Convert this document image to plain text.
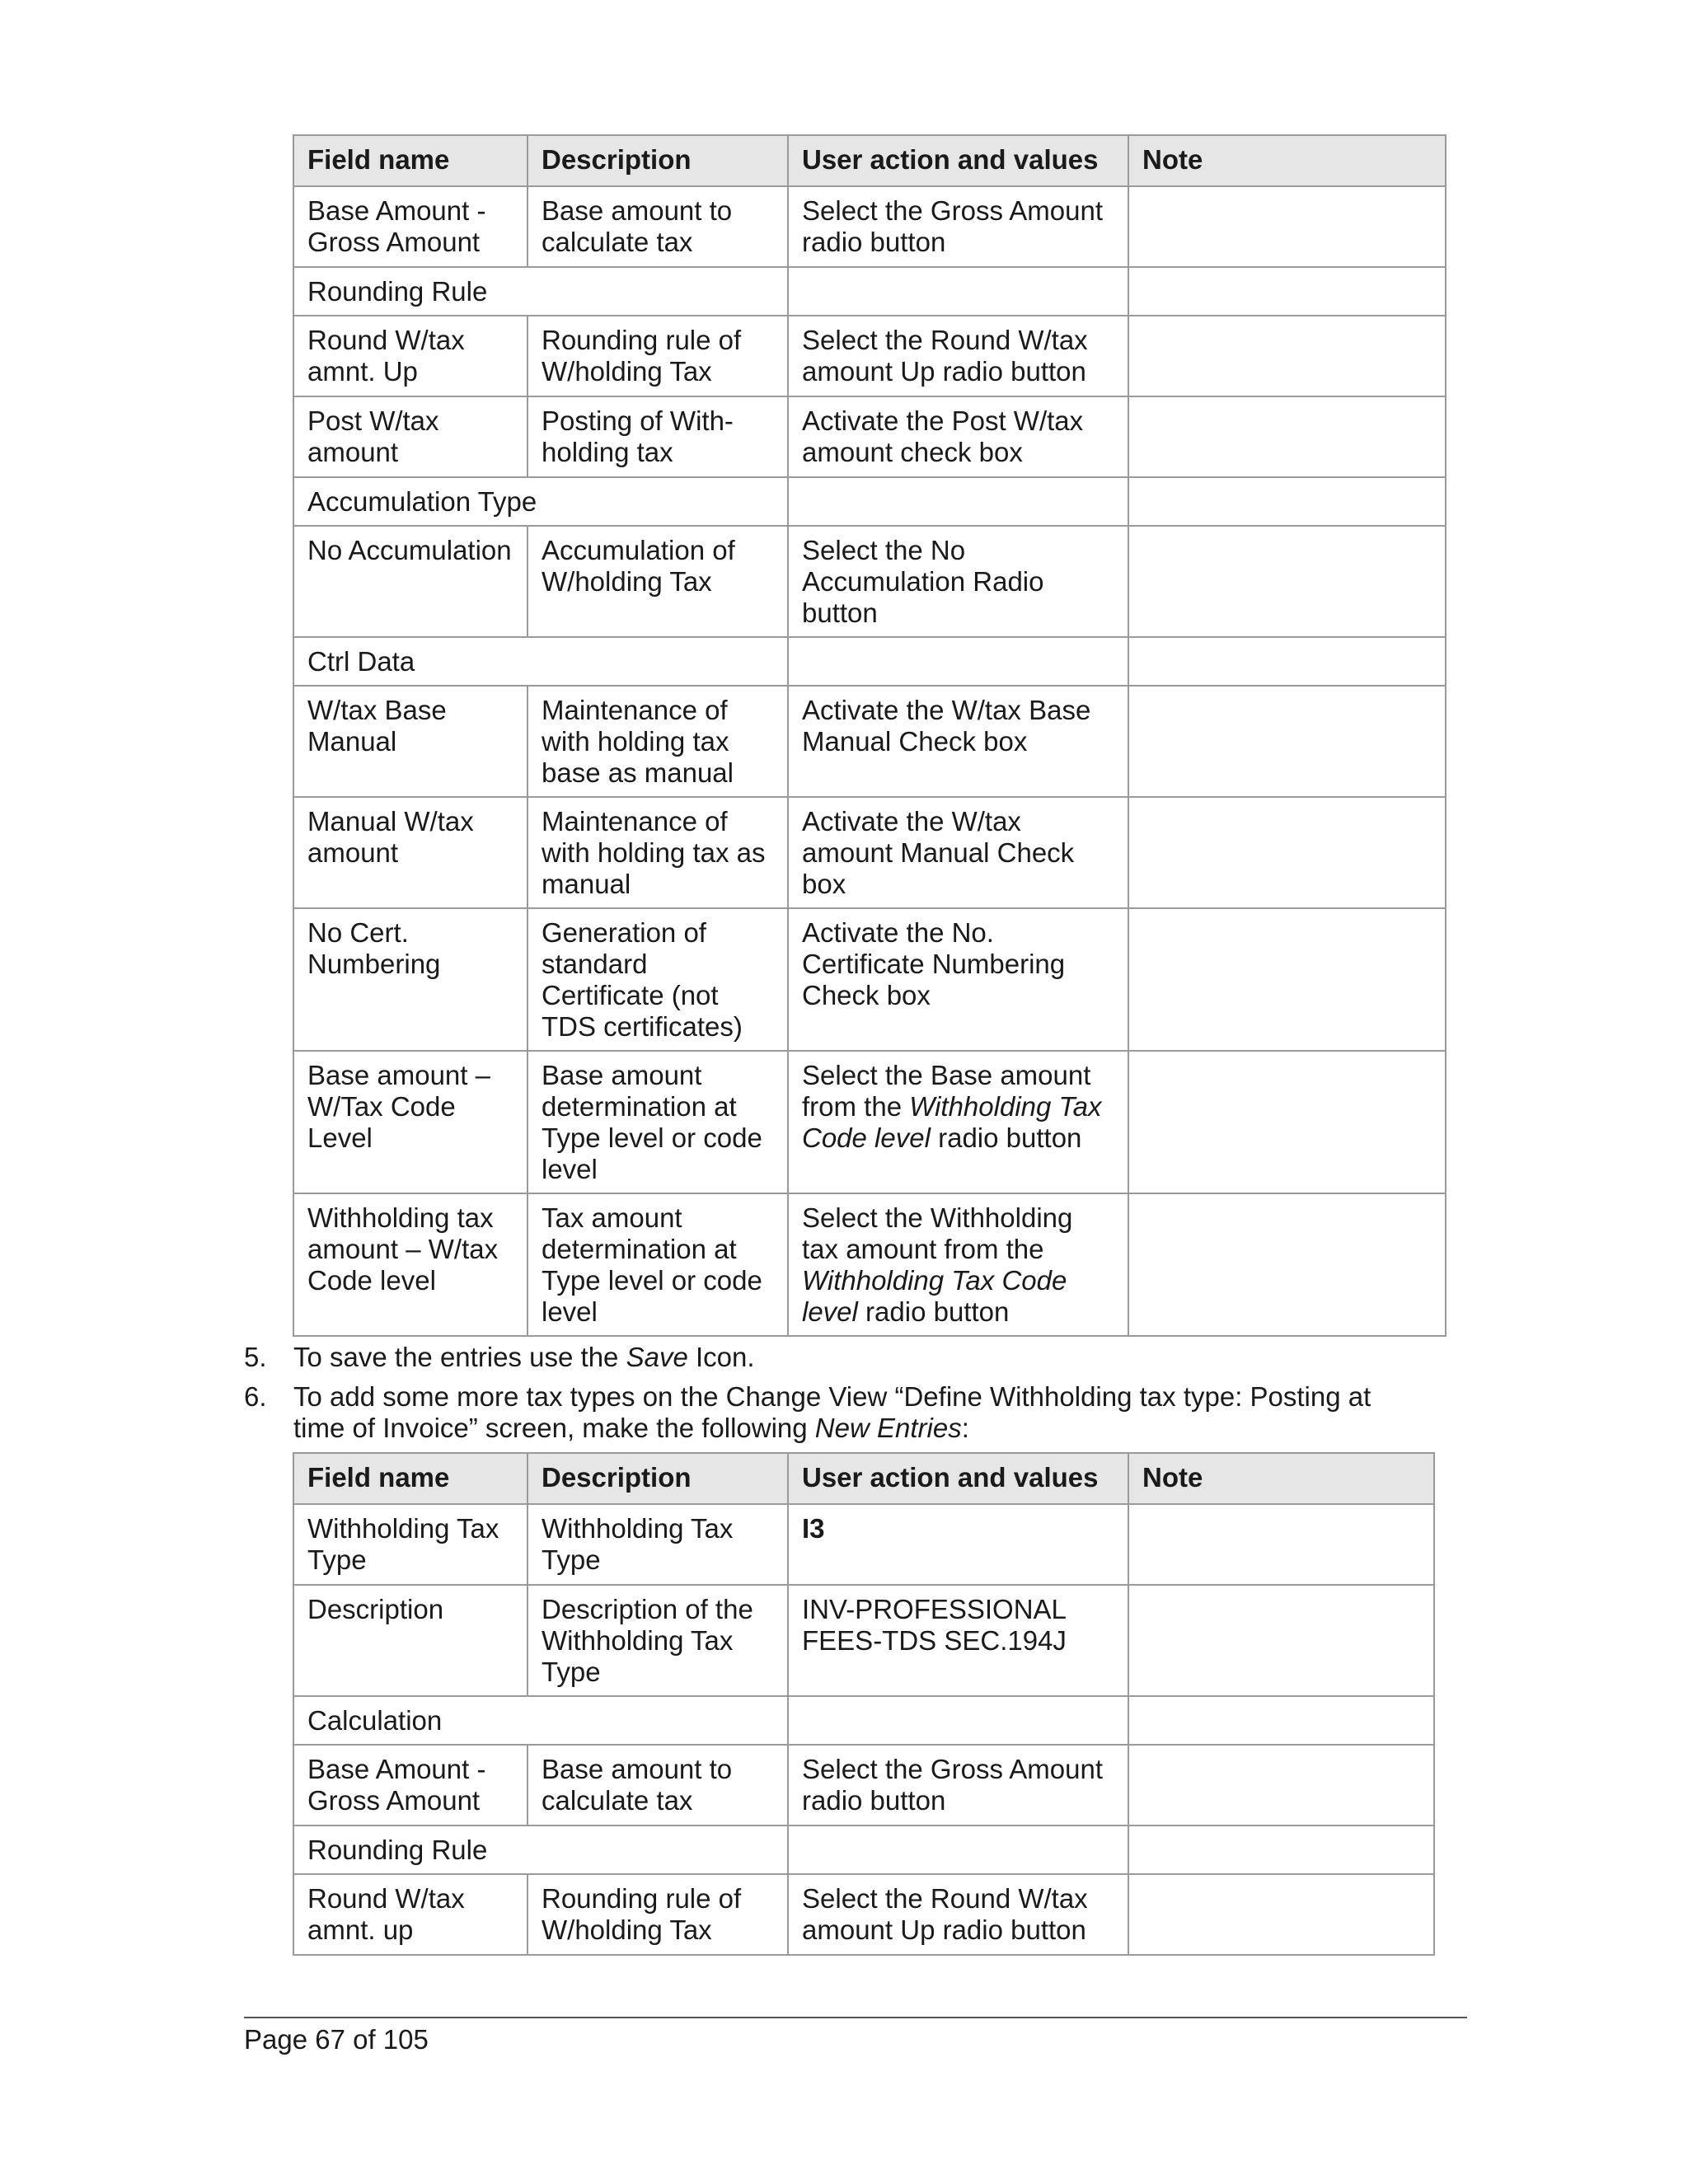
Field name	Description	User action and values	Note
Base Amount -Gross Amount	Base amount to calculate tax	Select the Gross Amount radio button	
Rounding Rule			
Round W/tax amnt. Up	Rounding rule of W/holding Tax	Select the Round W/tax amount Up radio button	
Post W/tax amount	Posting of With-holding tax	Activate the Post W/tax amount check box	
Accumulation Type			
No Accumulation	Accumulation of W/holding Tax	Select the No Accumulation Radio button	
Ctrl Data			
W/tax Base Manual	Maintenance of with holding tax base as manual	Activate the W/tax Base Manual Check box	
Manual W/tax amount	Maintenance of with holding tax as manual	Activate the W/tax amount Manual Check box	
No Cert. Numbering	Generation of standard Certificate (not TDS certificates)	Activate the No. Certificate Numbering Check box	
Base amount – W/Tax Code Level	Base amount determination at Type level or code level	Select the Base amount from the Withholding Tax Code level radio button	
Withholding tax amount – W/tax Code level	Tax amount determination at Type level or code level	Select the Withholding tax amount from the Withholding Tax Code level radio button	
5. To save the entries use the Save Icon.
6. To add some more tax types on the Change View “Define Withholding tax type: Posting at time of Invoice” screen, make the following New Entries:
Field name	Description	User action and values	Note
Withholding Tax Type	Withholding Tax Type	I3	
Description	Description of the Withholding Tax Type	INV-PROFESSIONAL FEES-TDS SEC.194J	
Calculation			
Base Amount -Gross Amount	Base amount to calculate tax	Select the Gross Amount radio button	
Rounding Rule			
Round W/tax amnt. up	Rounding rule of W/holding Tax	Select the Round W/tax amount Up radio button	
Page 67 of 105
